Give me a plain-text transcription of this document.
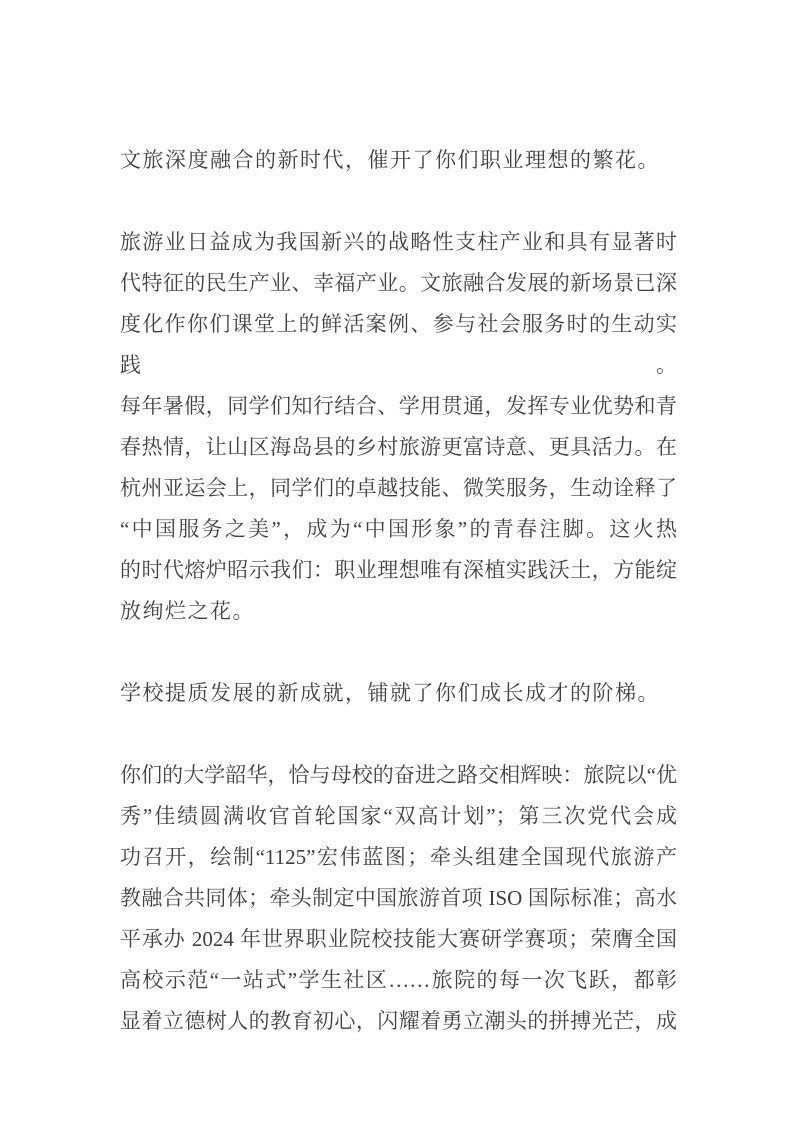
文旅深度融合的新时代，催开了你们职业理想的繁花。
旅游业日益成为我国新兴的战略性支柱产业和具有显著时
代特征的民生产业、幸福产业。文旅融合发展的新场景已深
度化作你们课堂上的鲜活案例、参与社会服务时的生动实践。
每年暑假，同学们知行结合、学用贯通，发挥专业优势和青
春热情，让山区海岛县的乡村旅游更富诗意、更具活力。在
杭州亚运会上，同学们的卓越技能、微笑服务，生动诠释了
“中国服务之美”，成为“中国形象”的青春注脚。这火热
的时代熔炉昭示我们：职业理想唯有深植实践沃土，方能绽
放绚烂之花。
学校提质发展的新成就，铺就了你们成长成才的阶梯。
你们的大学韶华，恰与母校的奋进之路交相辉映：旅院以“优
秀”佳绩圆满收官首轮国家“双高计划”；第三次党代会成
功召开，绘制“1125”宏伟蓝图；牵头组建全国现代旅游产
教融合共同体；牵头制定中国旅游首项 ISO 国际标准；高水
平承办 2024 年世界职业院校技能大赛研学赛项；荣膺全国
高校示范“一站式”学生社区……旅院的每一次飞跃，都彰
显着立德树人的教育初心，闪耀着勇立潮头的拼搏光芒，成
